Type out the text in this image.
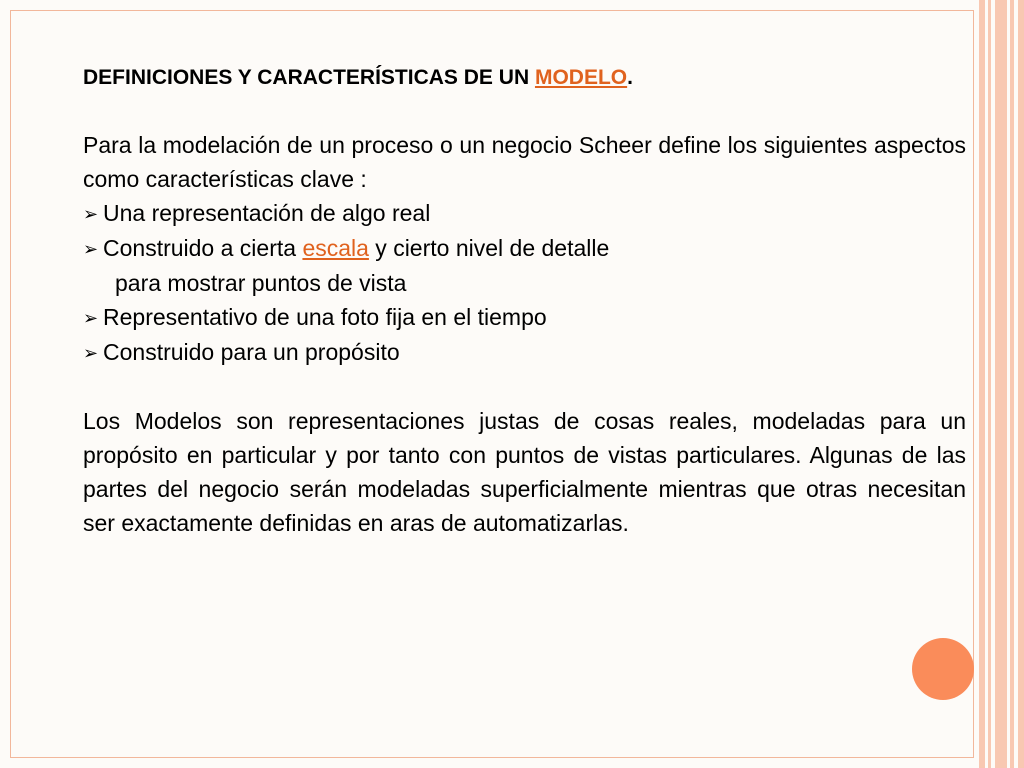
DEFINICIONES Y CARACTERÍSTICAS DE UN MODELO.

Para la modelación de un proceso o un negocio Scheer define los siguientes aspectos como características clave :

➢ Una representación de algo real

➢ Construido a cierta escala y cierto nivel de detalle

para mostrar puntos de vista

➢ Representativo de una foto fija en el tiempo

➢ Construido para un propósito

Los Modelos son representaciones justas de cosas reales, modeladas para un propósito en particular y por tanto con puntos de vistas particulares. Algunas de las partes del negocio serán modeladas superficialmente mientras que otras necesitan ser exactamente definidas en aras de automatizarlas.
